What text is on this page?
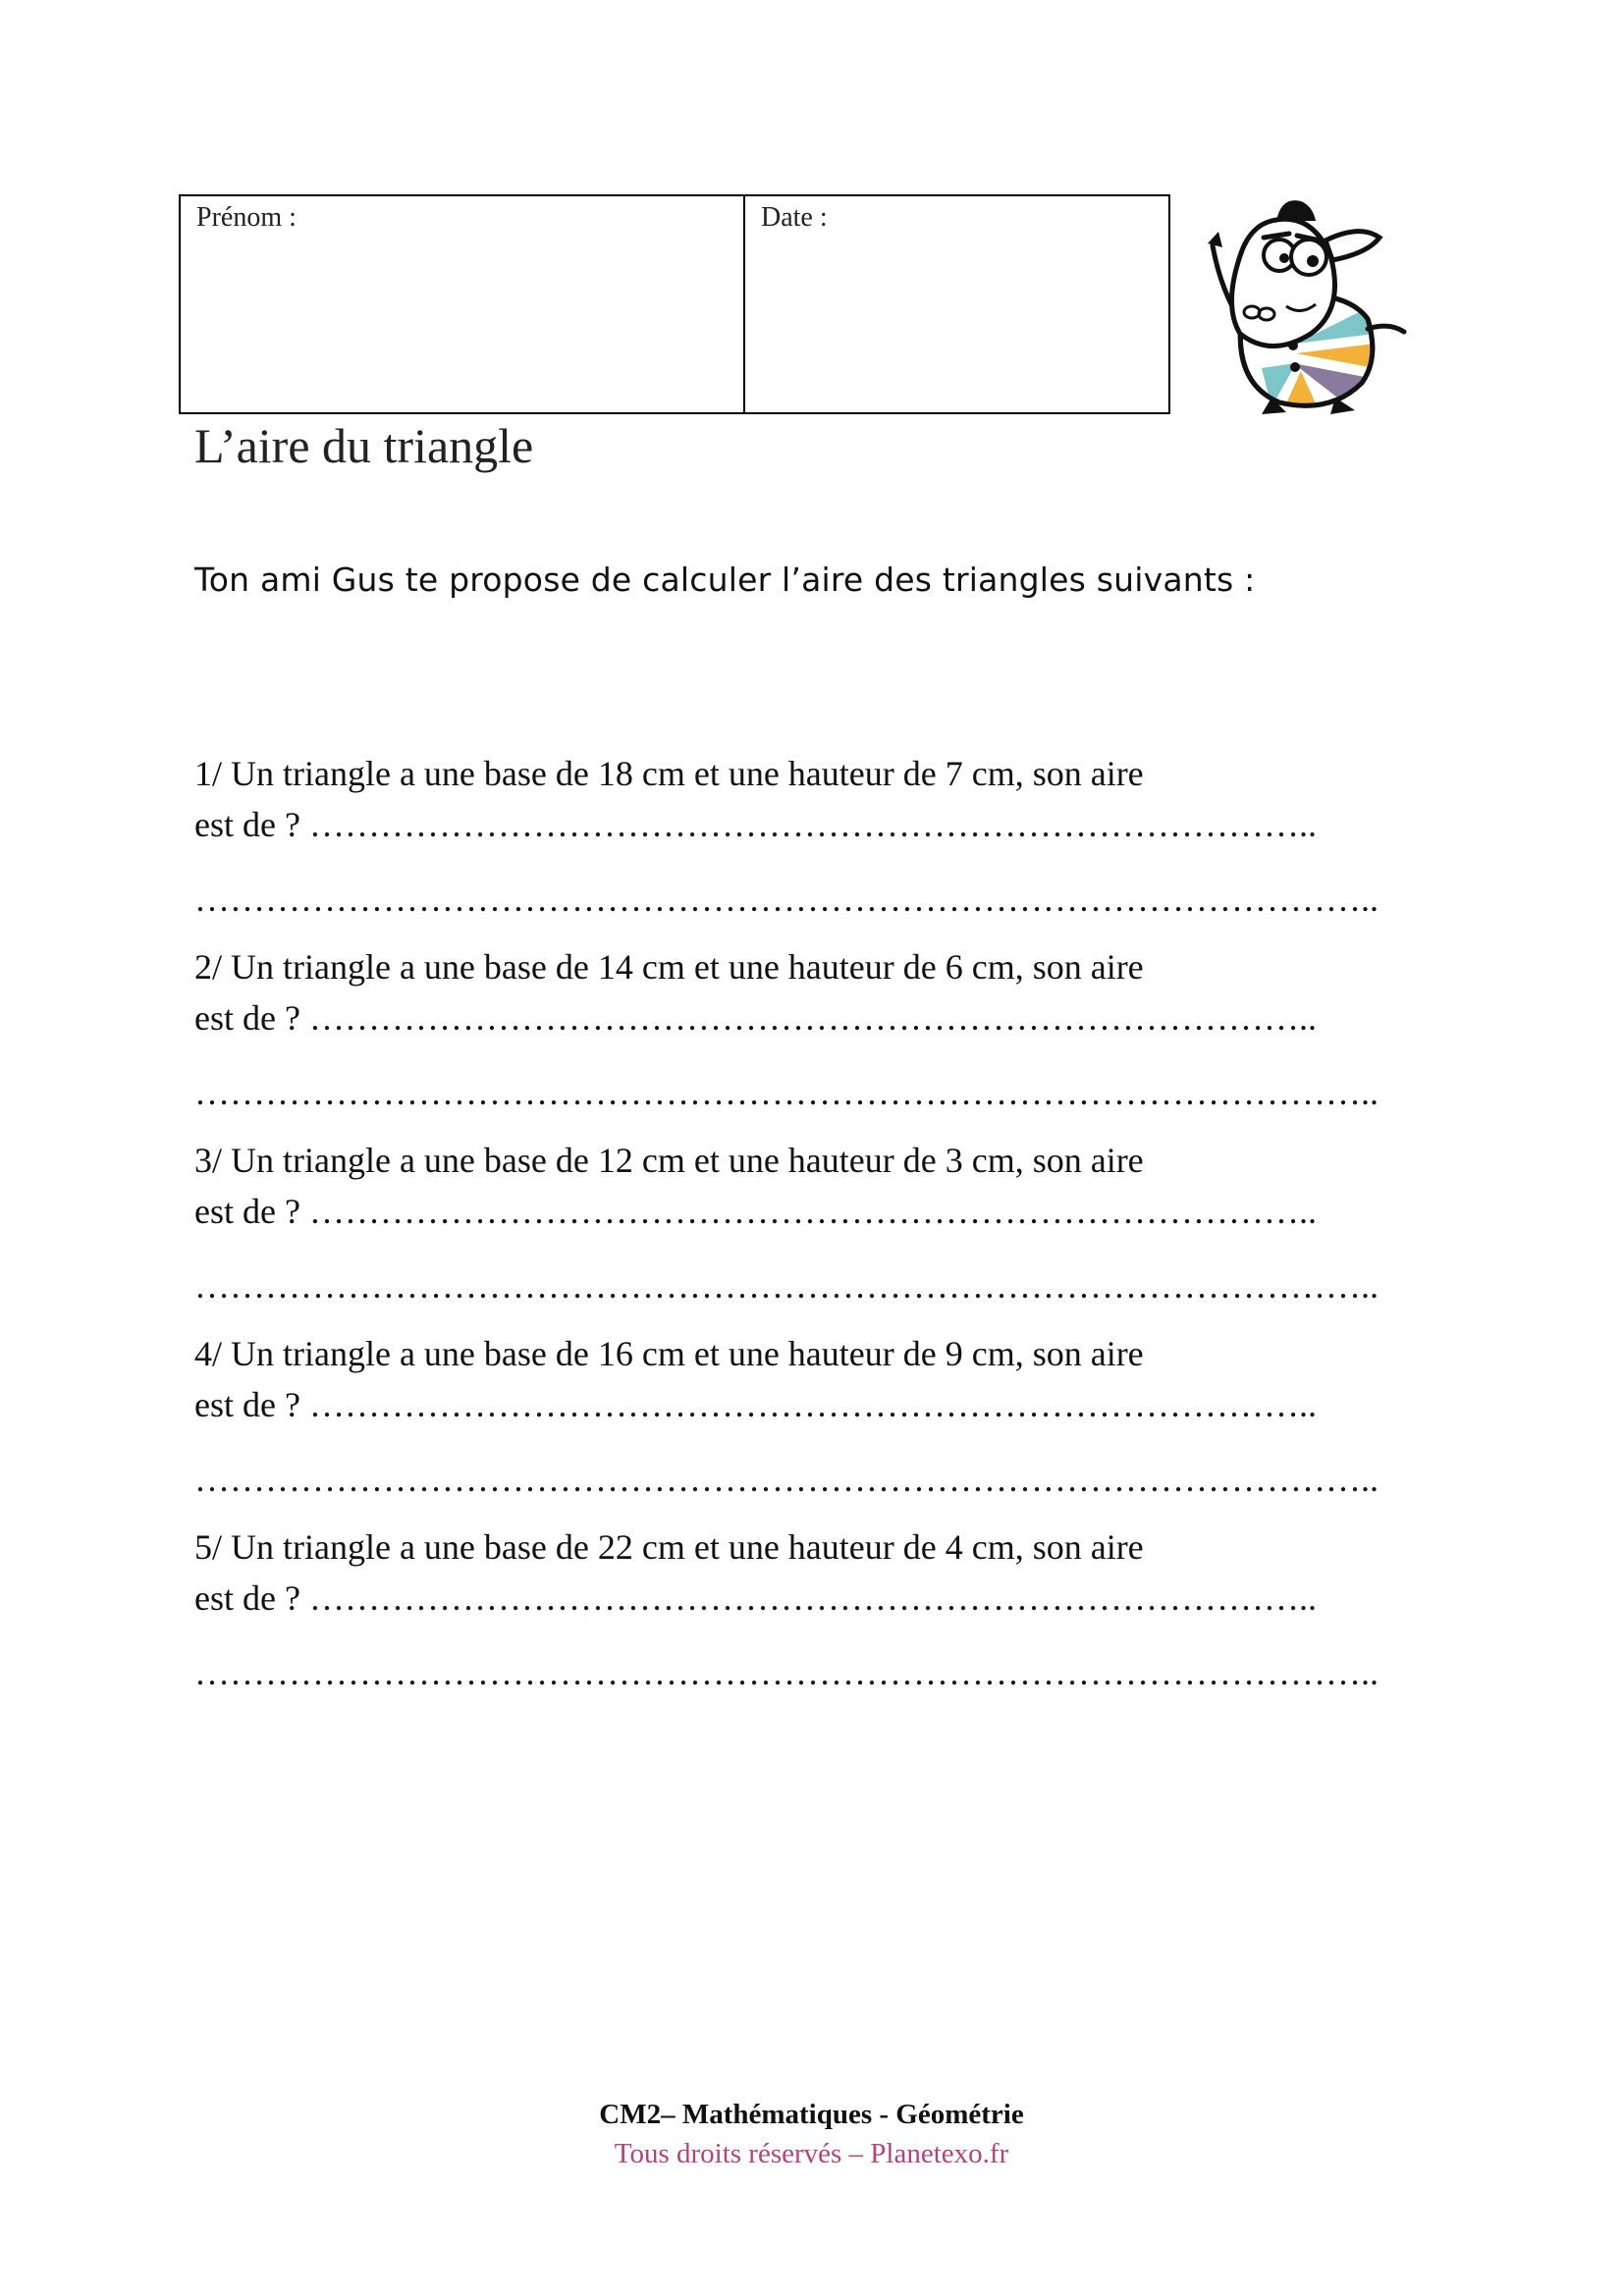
Prénom :	Date :
L’aire du triangle
Ton ami Gus te propose de calculer l’aire des triangles suivants :
1/ Un triangle a une base de 18 cm et une hauteur de 7 cm, son aire
est de ? …………………………………………………………………………..
………………………………………………………………………………………..
2/ Un triangle a une base de 14 cm et une hauteur de 6 cm, son aire
est de ? …………………………………………………………………………..
………………………………………………………………………………………..
3/ Un triangle a une base de 12 cm et une hauteur de 3 cm, son aire
est de ? …………………………………………………………………………..
………………………………………………………………………………………..
4/ Un triangle a une base de 16 cm et une hauteur de 9 cm, son aire
est de ? …………………………………………………………………………..
………………………………………………………………………………………..
5/ Un triangle a une base de 22 cm et une hauteur de 4 cm, son aire
est de ? …………………………………………………………………………..
………………………………………………………………………………………..
CM2– Mathématiques - Géométrie
Tous droits réservés – Planetexo.fr
